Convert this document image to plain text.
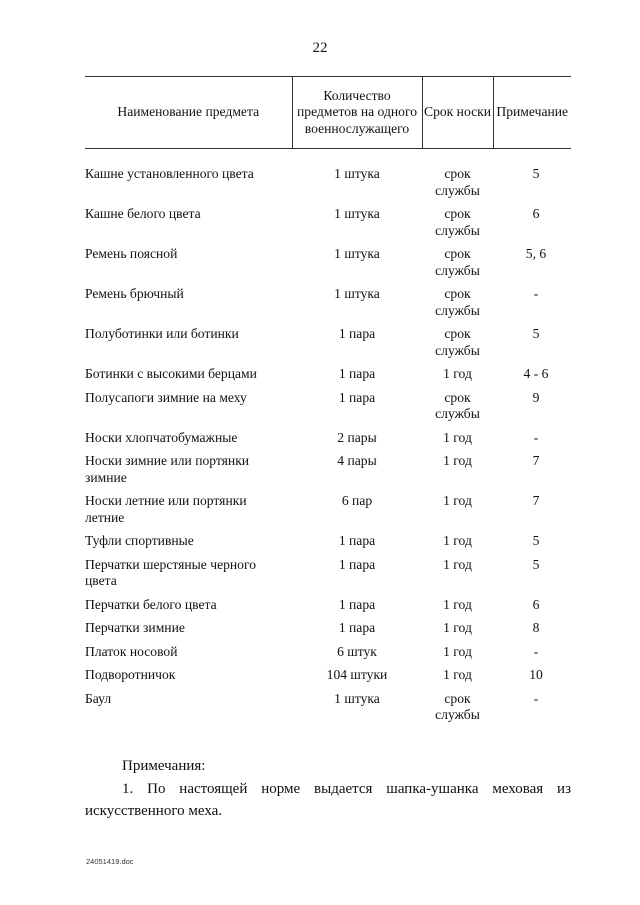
22
Наименование предмета	Количество предметов на одного военнослужащего	Срок носки	Примечание

Кашне установленного цвета	1 штука	срок службы	5
Кашне белого цвета	1 штука	срок службы	6
Ремень поясной	1 штука	срок службы	5, 6
Ремень брючный	1 штука	срок службы	-
Полуботинки или ботинки	1 пара	срок службы	5
Ботинки с высокими берцами	1 пара	1 год	4 - 6
Полусапоги зимние на меху	1 пара	срок службы	9
Носки хлопчатобумажные	2 пары	1 год	-
Носки зимние или портянки зимние	4 пары	1 год	7
Носки летние или портянки летние	6 пар	1 год	7
Туфли спортивные	1 пара	1 год	5
Перчатки шерстяные черного цвета	1 пара	1 год	5
Перчатки белого цвета	1 пара	1 год	6
Перчатки зимние	1 пара	1 год	8
Платок носовой	6 штук	1 год	-
Подворотничок	104 штуки	1 год	10
Баул	1 штука	срок службы	-

Примечания:

1. По настоящей норме выдается шапка-ушанка меховая из искусственного меха.

24051419.doc
